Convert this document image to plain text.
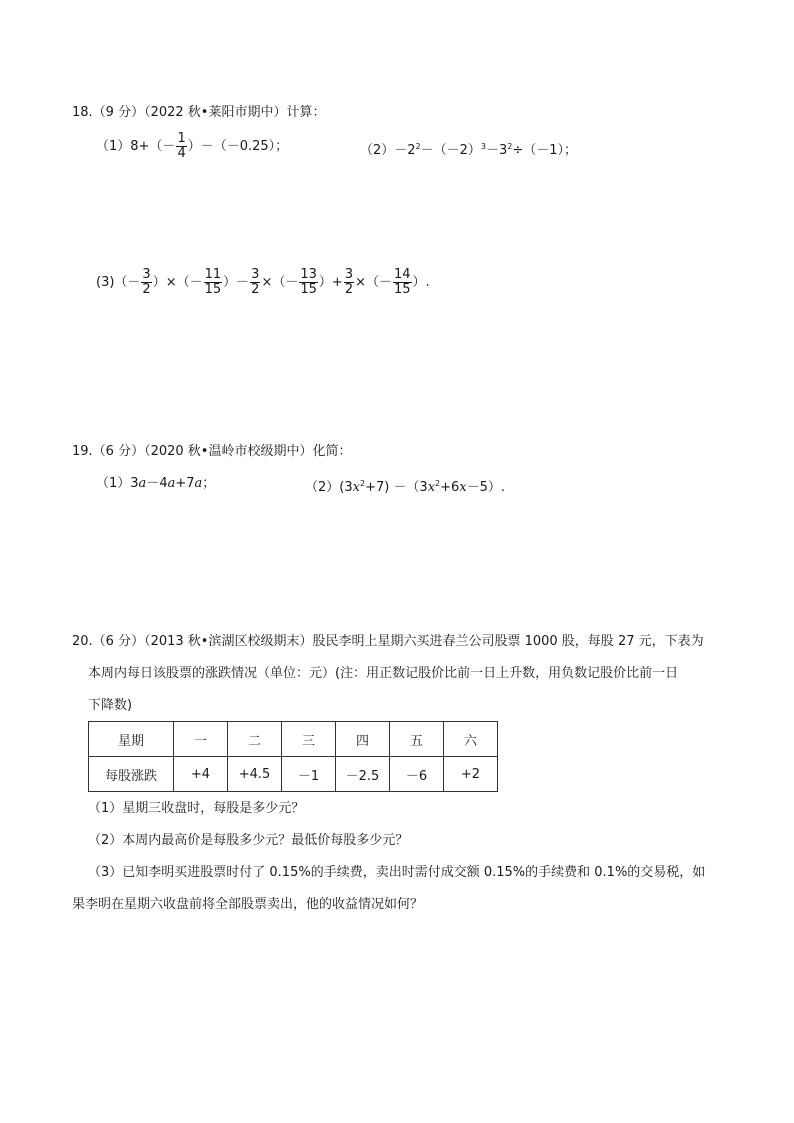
18.（9 分）（2022 秋•莱阳市期中）计算：
$(1)8+(- \frac{1}{4} )-(-0.25)$；	$(2)-2^2-(-2)^3-3^2\div(-1)$；
$(3)(- \frac{3}{2}$ ）×（－ $\frac{11}{15}$ ）－ $\frac{3}{2}$ ×（－ $\frac{13}{15}$ ）+ $\frac{3}{2}$ ×（－ $\frac{14}{15}$ ）.
19.（6 分）（2020 秋•温岭市校级期中）化简：
（1）3a－4a+7a；	$(2)(3x^2+7) -(3x^2+6x-5)$.
20.（6 分）（2013 秋•滨湖区校级期末）股民李明上星期六买进春兰公司股票 1000 股，每股 27 元，下表为
本周内每日该股票的涨跌情况（单位：元）(注：用正数记股价比前一日上升数，用负数记股价比前一日
下降数)
星期	一	二	三	四	五	六
每股涨跌	+4	+4.5	－1	－2.5	－6	+2
（1）星期三收盘时，每股是多少元？
（2）本周内最高价是每股多少元？最低价每股多少元？
（3）已知李明买进股票时付了 0.15%的手续费，卖出时需付成交额 0.15%的手续费和 0.1%的交易税，如
果李明在星期六收盘前将全部股票卖出，他的收益情况如何？
